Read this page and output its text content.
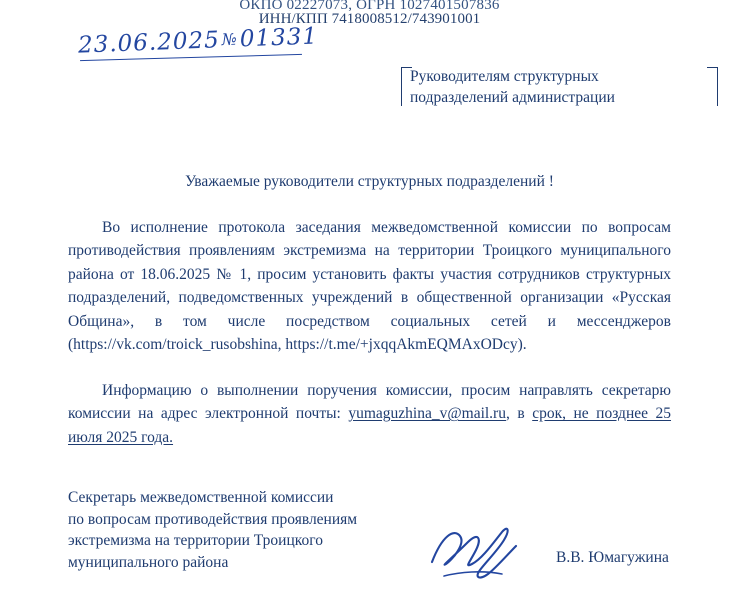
ОКПО 02227073, ОГРН 1027401507836
ИНН/КПП 7418008512/743901001
23.06.2025№01331
Руководителям структурных
подразделений администрации
Уважаемые руководители структурных подразделений !

Во исполнение протокола заседания межведомственной комиссии по вопросам противодействия проявлениям экстремизма на территории Троицкого муниципального района от 18.06.2025 № 1, просим установить факты участия сотрудников структурных подразделений, подведомственных учреждений в общественной организации «Русская Община», в том числе посредством социальных сетей и мессенджеров (https://vk.com/troick_rusobshina, https://t.me/+jxqqAkmEQMAxODcy).

Информацию о выполнении поручения комиссии, просим направлять секретарю комиссии на адрес электронной почты: yumaguzhina_v@mail.ru, в срок, не позднее 25 июля 2025 года.

Секретарь межведомственной комиссии
по вопросам противодействия проявлениям
экстремизма на территории Троицкого
муниципального района	В.В. Юмагужина
